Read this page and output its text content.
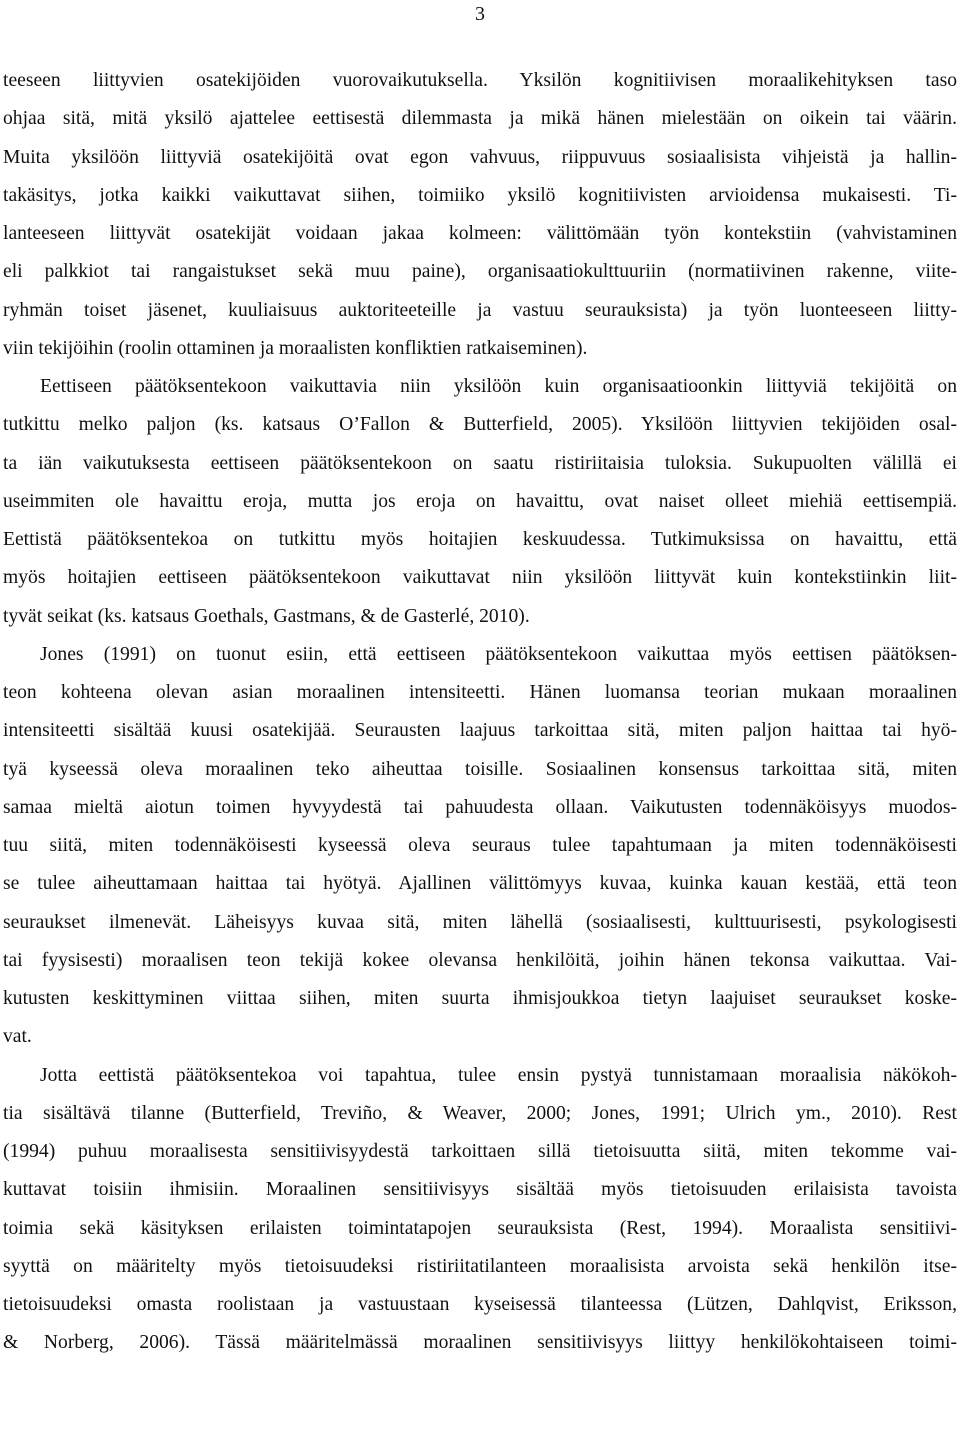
3
teeseen liittyvien osatekijöiden vuorovaikutuksella. Yksilön kognitiivisen moraalikehityksen taso
ohjaa sitä, mitä yksilö ajattelee eettisestä dilemmasta ja mikä hänen mielestään on oikein tai väärin.
Muita yksilöön liittyviä osatekijöitä ovat egon vahvuus, riippuvuus sosiaalisista vihjeistä ja hallin-
takäsitys, jotka kaikki vaikuttavat siihen, toimiiko yksilö kognitiivisten arvioidensa mukaisesti. Ti-
lanteeseen liittyvät osatekijät voidaan jakaa kolmeen: välittömään työn kontekstiin (vahvistaminen
eli palkkiot tai rangaistukset sekä muu paine), organisaatiokulttuuriin (normatiivinen rakenne, viite-
ryhmän toiset jäsenet, kuuliaisuus auktoriteeteille ja vastuu seurauksista) ja työn luonteeseen liitty-
viin tekijöihin (roolin ottaminen ja moraalisten konfliktien ratkaiseminen).
Eettiseen päätöksentekoon vaikuttavia niin yksilöön kuin organisaatioonkin liittyviä tekijöitä on
tutkittu melko paljon (ks. katsaus O’Fallon & Butterfield, 2005). Yksilöön liittyvien tekijöiden osal-
ta iän vaikutuksesta eettiseen päätöksentekoon on saatu ristiriitaisia tuloksia. Sukupuolten välillä ei
useimmiten ole havaittu eroja, mutta jos eroja on havaittu, ovat naiset olleet miehiä eettisempiä.
Eettistä päätöksentekoa on tutkittu myös hoitajien keskuudessa. Tutkimuksissa on havaittu, että
myös hoitajien eettiseen päätöksentekoon vaikuttavat niin yksilöön liittyvät kuin kontekstiinkin liit-
tyvät seikat (ks. katsaus Goethals, Gastmans, & de Gasterlé, 2010).
Jones (1991) on tuonut esiin, että eettiseen päätöksentekoon vaikuttaa myös eettisen päätöksen-
teon kohteena olevan asian moraalinen intensiteetti. Hänen luomansa teorian mukaan moraalinen
intensiteetti sisältää kuusi osatekijää. Seurausten laajuus tarkoittaa sitä, miten paljon haittaa tai hyö-
tyä kyseessä oleva moraalinen teko aiheuttaa toisille. Sosiaalinen konsensus tarkoittaa sitä, miten
samaa mieltä aiotun toimen hyvyydestä tai pahuudesta ollaan. Vaikutusten todennäköisyys muodos-
tuu siitä, miten todennäköisesti kyseessä oleva seuraus tulee tapahtumaan ja miten todennäköisesti
se tulee aiheuttamaan haittaa tai hyötyä. Ajallinen välittömyys kuvaa, kuinka kauan kestää, että teon
seuraukset ilmenevät. Läheisyys kuvaa sitä, miten lähellä (sosiaalisesti, kulttuurisesti, psykologisesti
tai fyysisesti) moraalisen teon tekijä kokee olevansa henkilöitä, joihin hänen tekonsa vaikuttaa. Vai-
kutusten keskittyminen viittaa siihen, miten suurta ihmisjoukkoa tietyn laajuiset seuraukset koske-
vat.
Jotta eettistä päätöksentekoa voi tapahtua, tulee ensin pystyä tunnistamaan moraalisia näkökoh-
tia sisältävä tilanne (Butterfield, Treviño, & Weaver, 2000; Jones, 1991; Ulrich ym., 2010). Rest
(1994) puhuu moraalisesta sensitiivisyydestä tarkoittaen sillä tietoisuutta siitä, miten tekomme vai-
kuttavat toisiin ihmisiin. Moraalinen sensitiivisyys sisältää myös tietoisuuden erilaisista tavoista
toimia sekä käsityksen erilaisten toimintatapojen seurauksista (Rest, 1994). Moraalista sensitiivi-
syyttä on määritelty myös tietoisuudeksi ristiriitatilanteen moraalisista arvoista sekä henkilön itse-
tietoisuudeksi omasta roolistaan ja vastuustaan kyseisessä tilanteessa (Lützen, Dahlqvist, Eriksson,
& Norberg, 2006). Tässä määritelmässä moraalinen sensitiivisyys liittyy henkilökohtaiseen toimi-
